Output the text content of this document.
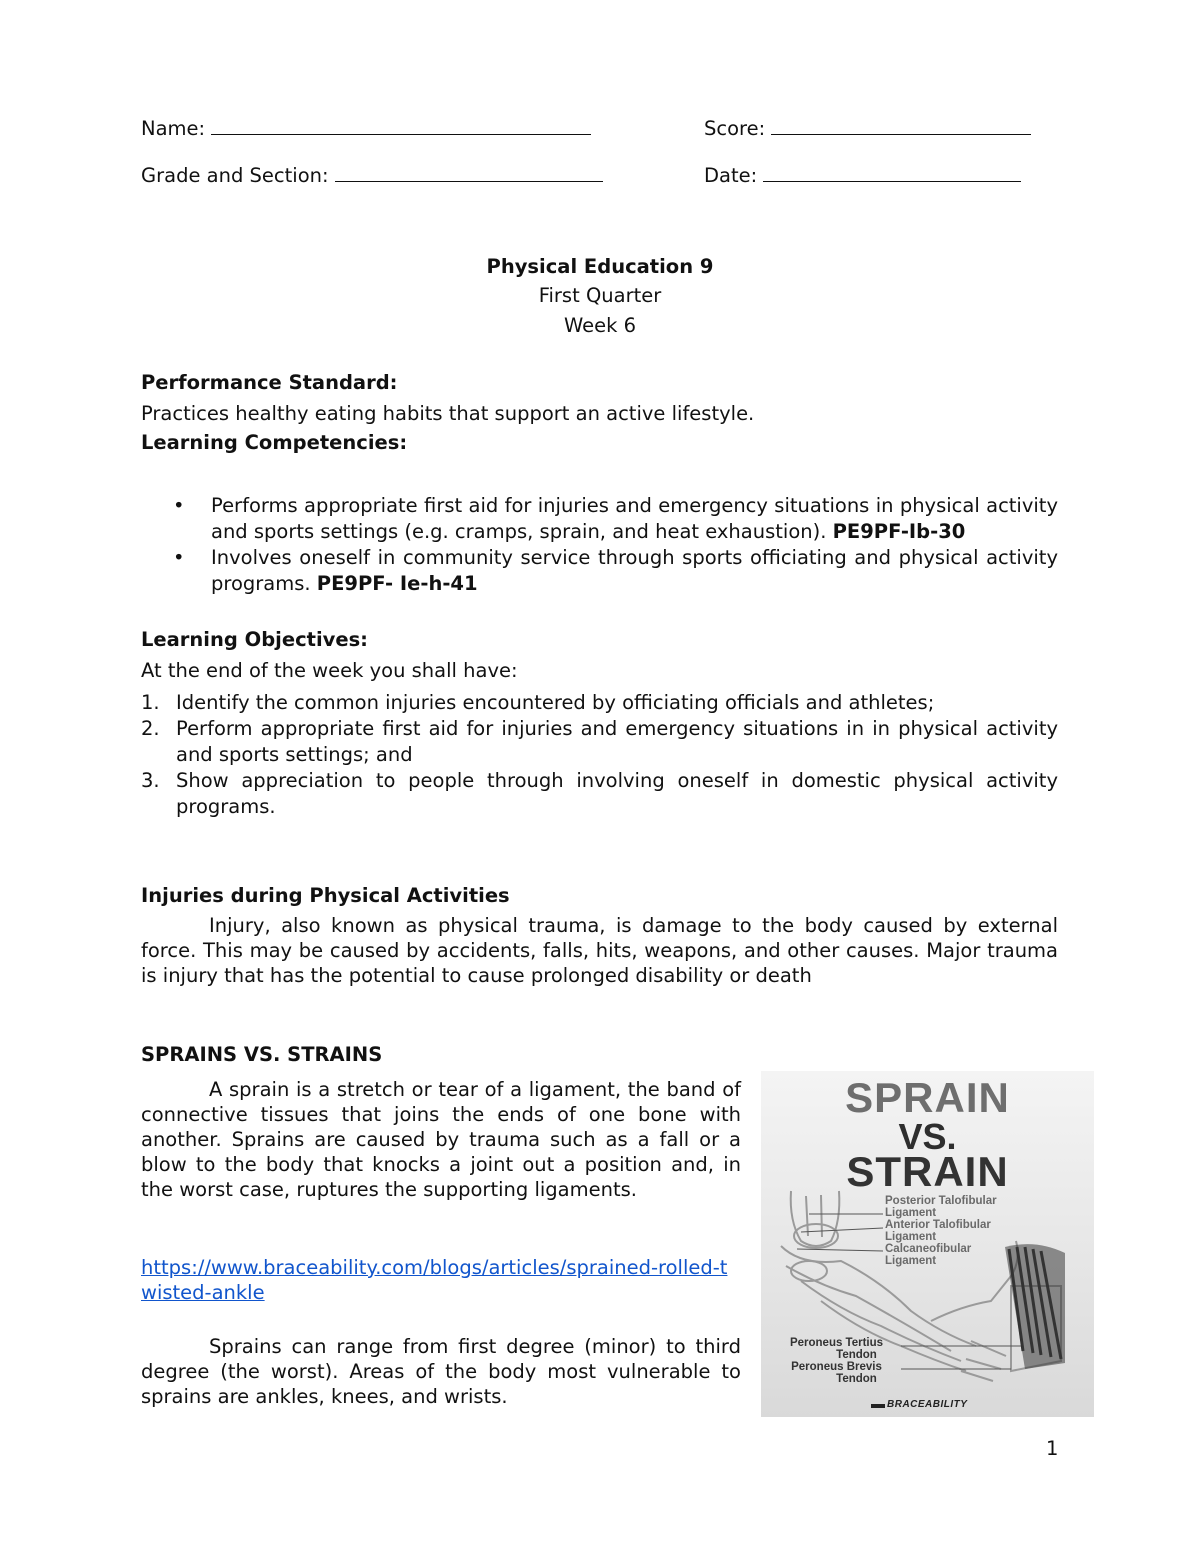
Name:	Score:
Grade and Section:	Date:
Physical Education 9
First Quarter
Week 6
Performance Standard:
Practices healthy eating habits that support an active lifestyle.
Learning Competencies:
• Performs appropriate first aid for injuries and emergency situations in physical activity and sports settings (e.g. cramps, sprain, and heat exhaustion). PE9PF-Ib-30
• Involves oneself in community service through sports officiating and physical activity programs. PE9PF- Ie-h-41
Learning Objectives:
At the end of the week you shall have:
1. Identify the common injuries encountered by officiating officials and athletes;
2. Perform appropriate first aid for injuries and emergency situations in in physical activity and sports settings; and
3. Show appreciation to people through involving oneself in domestic physical activity programs.
Injuries during Physical Activities
Injury, also known as physical trauma, is damage to the body caused by external force. This may be caused by accidents, falls, hits, weapons, and other causes. Major trauma is injury that has the potential to cause prolonged disability or death
SPRAINS VS. STRAINS
A sprain is a stretch or tear of a ligament, the band of connective tissues that joins the ends of one bone with another. Sprains are caused by trauma such as a fall or a blow to the body that knocks a joint out a position and, in the worst case, ruptures the supporting ligaments.
https://www.braceability.com/blogs/articles/sprained-rolled-twisted-ankle
Sprains can range from first degree (minor) to third degree (the worst). Areas of the body most vulnerable to sprains are ankles, knees, and wrists.
SPRAIN
VS.
STRAIN
Posterior Talofibular
Ligament
Anterior Talofibular
Ligament
Calcaneofibular
Ligament
Peroneus Tertius
Tendon
Peroneus Brevis
Tendon
BRACEABILITY
1
